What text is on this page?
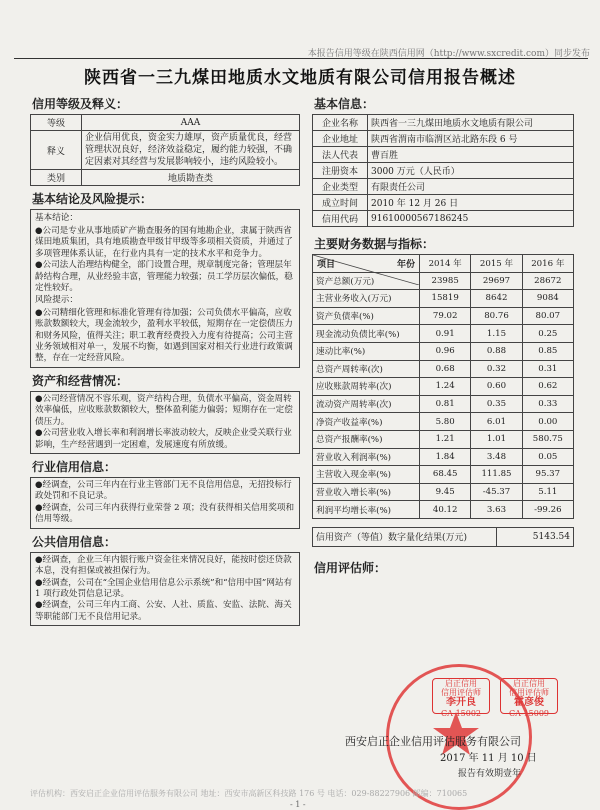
本报告信用等级在陕西信用网（http://www.sxcredit.com）同步发布
陕西省一三九煤田地质水文地质有限公司信用报告概述
信用等级及释义：
等级	AAA
释义	企业信用优良，资金实力雄厚，资产质量优良，经营管理状况良好，经济效益稳定，履约能力较强，不确定因素对其经营与发展影响较小，违约风险较小。
类别	地质勘查类
基本结论及风险提示：
基本结论：

●公司是专业从事地质矿产勘查服务的国有地勘企业，隶属于陕西省煤田地质集团，具有地质勘查甲级甘甲级等多项相关资质，并通过了多项管理体系认证，在行业内具有一定的技术水平和竞争力。

●公司法人治理结构健全，部门设置合理，规章制度完备；管理层年龄结构合理，从业经验丰富，管理能力较强；员工学历层次偏低，稳定性较好。

风险提示：

●公司精细化管理和标准化管理有待加强；公司负债水平偏高，应收账款数额较大，现金流较少，盈利水平较低，短期存在一定偿债压力和财务风险，值得关注；职工教育经费投入力度有待提高；公司主营业务领域相对单一，发展不均衡，如遇到国家对相关行业进行政策调整，存在一定经营风险。

资产和经营情况：

●公司经营情况不容乐观，资产结构合理，负债水平偏高，资金周转效率偏低，应收账款数额较大，整体盈利能力偏弱；短期存在一定偿债压力。

●公司营业收入增长率和利润增长率波动较大，反映企业受关联行业影响，生产经营遇到一定困难，发展速度有所放缓。

行业信用信息：

●经调查，公司三年内在行业主管部门无不良信用信息，无招投标行政处罚和不良记录。

●经调查，公司三年内获得行业荣誉 2 项；没有获得相关信用奖项和信用等级。

公共信用信息：

●经调查，企业三年内银行账户资金往来情况良好，能按时偿还贷款本息，没有担保或被担保行为。

●经调查，公司在“全国企业信用信息公示系统”和“信用中国”网站有 1 项行政处罚信息记录。

●经调查，公司三年内工商、公安、人社、质监、安监、法院、海关等职能部门无不良信用记录。

基本信息：
企业名称	陕西省一三九煤田地质水文地质有限公司
企业地址	陕西省渭南市临渭区站北路东段 6 号
法人代表	曹百胜
注册资本	3000 万元（人民币）
企业类型	有限责任公司
成立时间	2010 年 12 月 26 日
信用代码	91610000567186245
主要财务数据与指标：
年份
项目	2014 年	2015 年	2016 年
资产总额(万元)	23985	29697	28672
主营业务收入(万元)	15819	8642	9084
资产负债率(%)	79.02	80.76	80.07
现金流动负债比率(%)	0.91	1.15	0.25
速动比率(%)	0.96	0.88	0.85
总资产周转率(次)	0.68	0.32	0.31
应收账款周转率(次)	1.24	0.60	0.62
流动资产周转率(次)	0.81	0.35	0.33
净资产收益率(%)	5.80	6.01	0.00
总资产报酬率(%)	1.21	1.01	580.75
营业收入利润率(%)	1.84	3.48	0.05
主营收入现金率(%)	68.45	111.85	95.37
营业收入增长率(%)	9.45	-45.37	5.11
利润平均增长率(%)	40.12	3.63	-99.26
信用资产（等值）数字量化结果(万元)	5143.54
信用评估师：
启正信用
信用评估师
李开良
CA-15002
启正信用
信用评估师
霍彦俊
CA-15009
西安启正企业信用评估服务有限公司
2017 年 11 月 10 日
报告有效期壹年
评估机构：西安启正企业信用评估服务有限公司 地址：西安市高新区科技路 176 号 电话：029-88227906 邮编：710065
- 1 -
